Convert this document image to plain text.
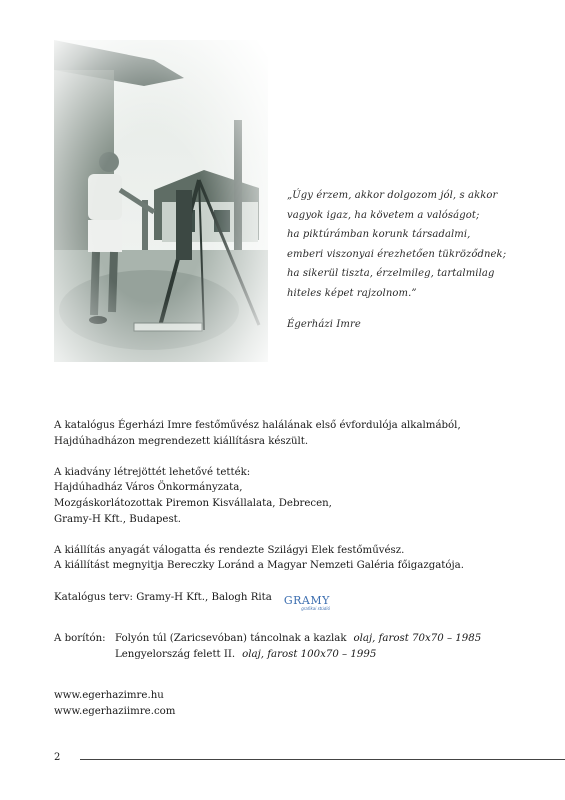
„Úgy érzem, akkor dolgozom jól, s akkor
vagyok igaz, ha követem a valóságot;
ha piktúrámban korunk társadalmi,
emberi viszonyai érezhetően tükröződnek;
ha sikerül tiszta, érzelmileg, tartalmilag
hiteles képet rajzolnom.”
Égerházi Imre
A katalógus Égerházi Imre festőművész halálának első évfordulója alkalmából,
Hajdúhadházon megrendezett kiállításra készült.
A kiadvány létrejöttét lehetővé tették:
Hajdúhadház Város Önkormányzata,
Mozgáskorlátozottak Piremon Kisvállalata, Debrecen,
Gramy-H Kft., Budapest.
A kiállítás anyagát válogatta és rendezte Szilágyi Elek festőművész.
A kiállítást megnyitja Bereczky Loránd a Magyar Nemzeti Galéria főigazgatója.
Katalógus terv: Gramy-H Kft., Balogh Rita GRAMY
grafikai stúdió
A borítón: Folyón túl (Zaricsevóban) táncolnak a kazlak olaj, farost 70x70 – 1985
Lengyelország felett II. olaj, farost 100x70 – 1995
www.egerhazimre.hu
www.egerhaziimre.com
2
